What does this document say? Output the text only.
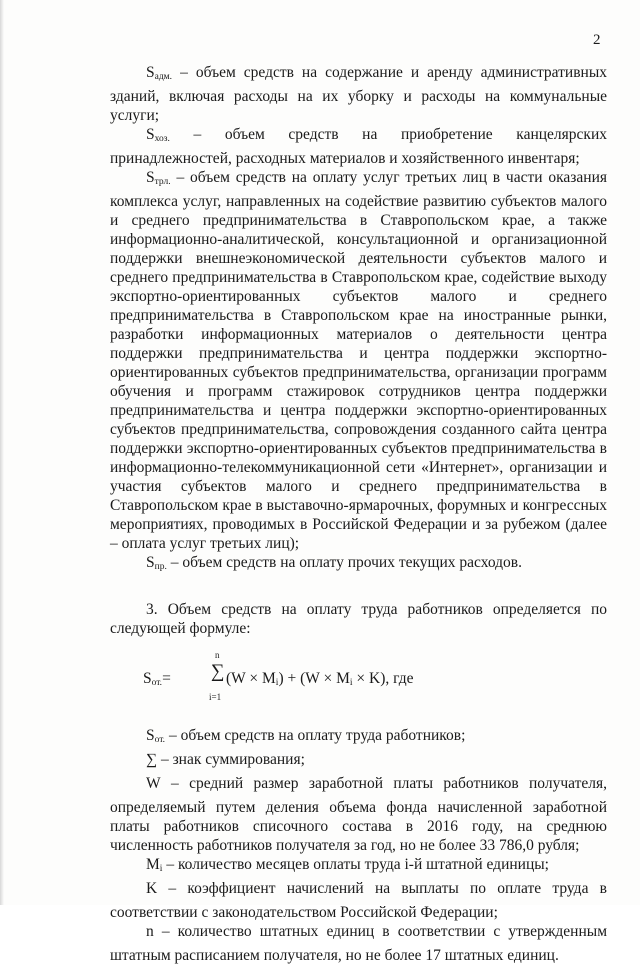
2

$S_{адм.}$ – объем средств на содержание и аренду административных зданий, включая расходы на их уборку и расходы на коммунальные услуги;

$S_{хоз.}$ – объем средств на приобретение канцелярских принадлежностей, расходных материалов и хозяйственного инвентаря;

$S_{трл.}$ – объем средств на оплату услуг третьих лиц в части оказания комплекса услуг, направленных на содействие развитию субъектов малого и среднего предпринимательства в Ставропольском крае, а также информационно-аналитической, консультационной и организационной поддержки внешнеэкономической деятельности субъектов малого и среднего предпринимательства в Ставропольском крае, содействие выходу экспортно-ориентированных субъектов малого и среднего предпринимательства в Ставропольском крае на иностранные рынки, разработки информационных материалов о деятельности центра поддержки предпринимательства и центра поддержки экспортно-ориентированных субъектов предпринимательства, организации программ обучения и программ стажировок сотрудников центра поддержки предпринимательства и центра поддержки экспортно-ориентированных субъектов предпринимательства, сопровождения созданного сайта центра поддержки экспортно-ориентированных субъектов предпринимательства в информационно-телекоммуникационной сети «Интернет», организации и участия субъектов малого и среднего предпринимательства в Ставропольском крае в выставочно-ярмарочных, форумных и конгрессных мероприятиях, проводимых в Российской Федерации и за рубежом (далее – оплата услуг третьих лиц);

$S_{пр.}$ – объем средств на оплату прочих текущих расходов.

3. Объем средств на оплату труда работников определяется по следующей формуле:

$S_{от.}=$
n
∑
i=1
$(W \times M_i) + (W \times M_i \times K)$, где

$S_{от.}$ – объем средств на оплату труда работников;

∑ – знак суммирования;

W – средний размер заработной платы работников получателя, определяемый путем деления объема фонда начисленной заработной платы работников списочного состава в 2016 году, на среднюю численность работников получателя за год, но не более 33 786,0 рубля;

$M_i$ – количество месяцев оплаты труда i-й штатной единицы;

K – коэффициент начислений на выплаты по оплате труда в соответствии с законодательством Российской Федерации;

n – количество штатных единиц в соответствии с утвержденным штатным расписанием получателя, но не более 17 штатных единиц.
